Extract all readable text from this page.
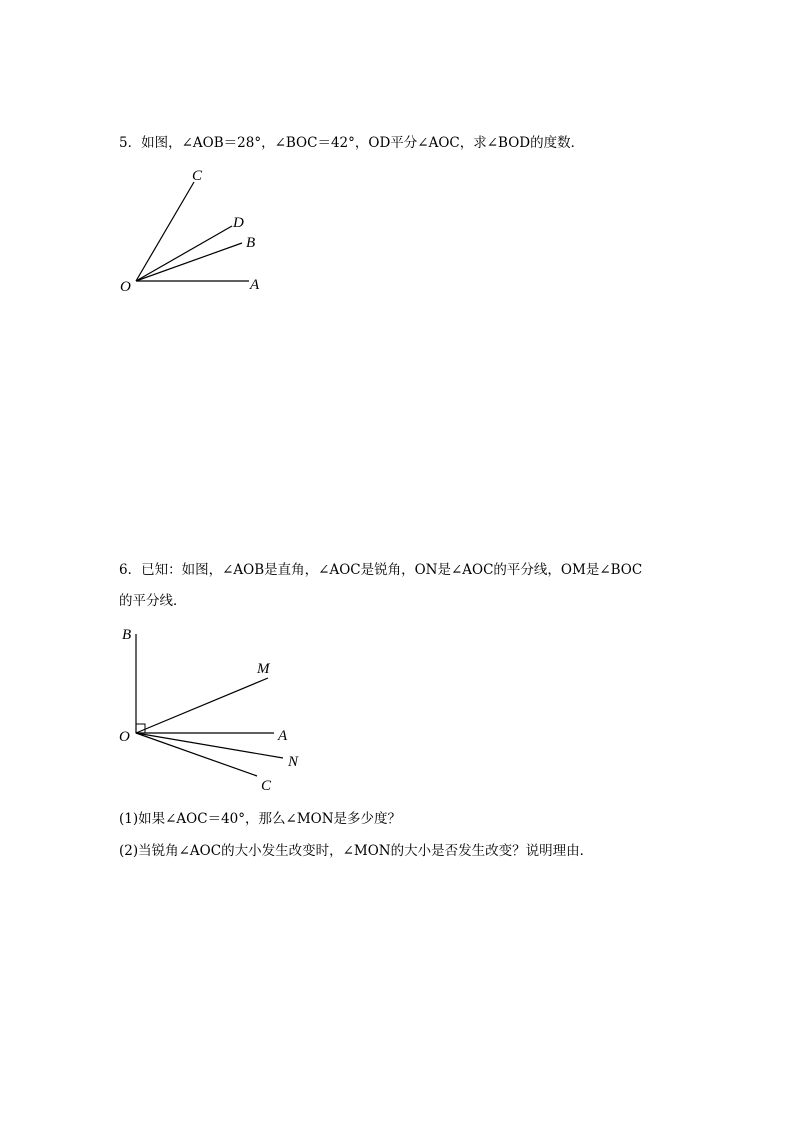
5．如图，∠AOB＝28°，∠BOC＝42°，OD平分∠AOC，求∠BOD的度数．
C
D
B
O	A
B
M
O	A
N
C
6．已知：如图，∠AOB是直角，∠AOC是锐角，ON是∠AOC的平分线，OM是∠BOC
的平分线．
(1)如果∠AOC＝40°，那么∠MON是多少度？
(2)当锐角∠AOC的大小发生改变时，∠MON的大小是否发生改变？说明理由．
